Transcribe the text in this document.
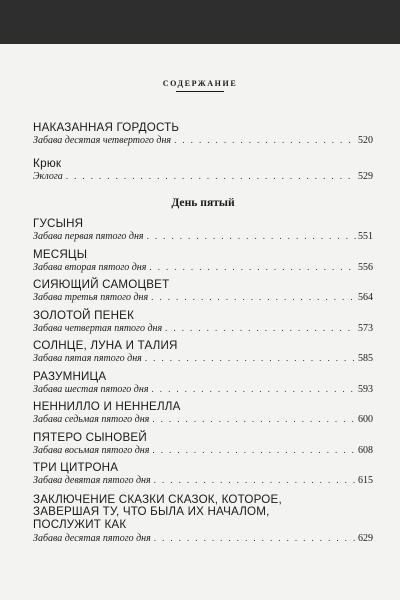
СОДЕРЖАНИЕ
НАКАЗАННАЯ ГОРДОСТЬ
Забава десятая четвертого дня . . .	520
Крюк
Эклога . . .	529
День пятый
ГУСЫНЯ
Забава первая пятого дня . . .	551
МЕСЯЦЫ
Забава вторая пятого дня . . .	556
СИЯЮЩИЙ САМОЦВЕТ
Забава третья пятого дня . . .	564
ЗОЛОТОЙ ПЕНЕК
Забава четвертая пятого дня . . .	573
СОЛНЦЕ, ЛУНА И ТАЛИЯ
Забава пятая пятого дня . . .	585
РАЗУМНИЦА
Забава шестая пятого дня . . .	593
НЕННИЛЛО И НЕННЕЛЛА
Забава седьмая пятого дня . . .	600
ПЯТЕРО СЫНОВЕЙ
Забава восьмая пятого дня . . .	608
ТРИ ЦИТРОНА
Забава девятая пятого дня . . .	615
ЗАКЛЮЧЕНИЕ СКАЗКИ СКАЗОК, КОТОРОЕ,
ЗАВЕРШАЯ ТУ, ЧТО БЫЛА ИХ НАЧАЛОМ,
ПОСЛУЖИТ КАК
Забава десятая пятого дня . . .	629
